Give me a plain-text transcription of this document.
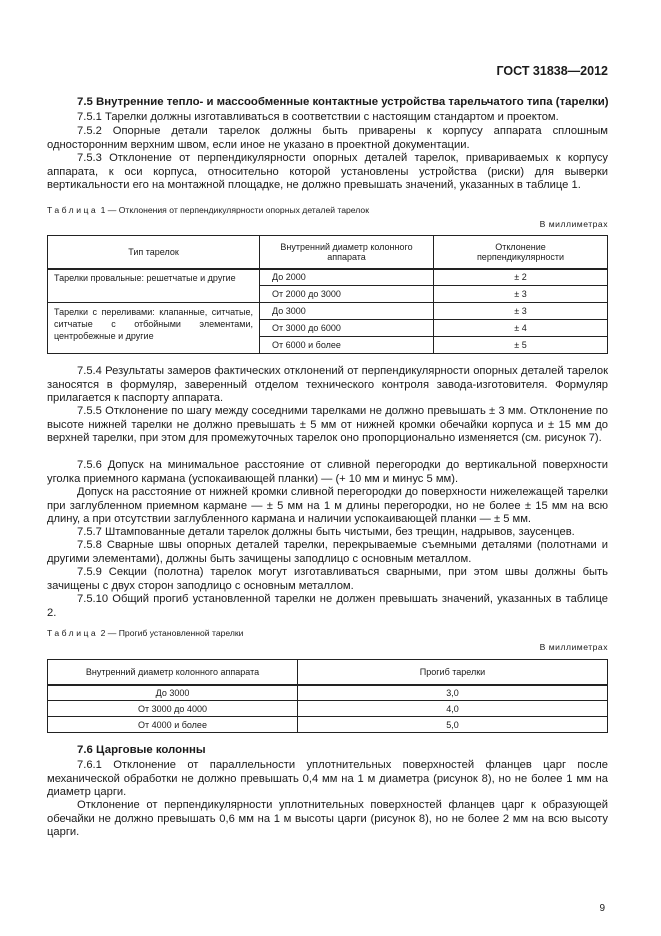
ГОСТ 31838—2012
7.5 Внутренние тепло- и массообменные контактные устройства тарельчатого типа (тарелки)
7.5.1 Тарелки должны изготавливаться в соответствии с настоящим стандартом и проектом.
7.5.2 Опорные детали тарелок должны быть приварены к корпусу аппарата сплошным односторонним верхним швом, если иное не указано в проектной документации.
7.5.3 Отклонение от перпендикулярности опорных деталей тарелок, привариваемых к корпусу аппарата, к оси корпуса, относительно которой установлены устройства (риски) для выверки вертикальности его на монтажной площадке, не должно превышать значений, указанных в таблице 1.
Таблица 1 — Отклонения от перпендикулярности опорных деталей тарелок
В миллиметрах
Тип тарелок	Внутренний диаметр колонного аппарата	Отклонение перпендикулярности
Тарелки провальные: решетчатые и другие	До 2000	± 2
	От 2000 до 3000	± 3
Тарелки с переливами: клапанные, ситчатые, ситчатые с отбойными элементами, центробежные и другие	До 3000	± 3
	От 3000 до 6000	± 4
	От 6000 и более	± 5
7.5.4 Результаты замеров фактических отклонений от перпендикулярности опорных деталей тарелок заносятся в формуляр, заверенный отделом технического контроля завода-изготовителя. Формуляр прилагается к паспорту аппарата.
7.5.5 Отклонение по шагу между соседними тарелками не должно превышать ± 3 мм. Отклонение по высоте нижней тарелки не должно превышать ± 5 мм от нижней кромки обечайки корпуса и ± 15 мм до верхней тарелки, при этом для промежуточных тарелок оно пропорционально изменяется (см. рисунок 7).
7.5.6 Допуск на минимальное расстояние от сливной перегородки до вертикальной поверхности уголка приемного кармана (успокаивающей планки) — (+ 10 мм и минус 5 мм).
Допуск на расстояние от нижней кромки сливной перегородки до поверхности нижележащей тарелки при заглубленном приемном кармане — ± 5 мм на 1 м длины перегородки, но не более ± 15 мм на всю длину, а при отсутствии заглубленного кармана и наличии успокаивающей планки — ± 5 мм.
7.5.7 Штампованные детали тарелок должны быть чистыми, без трещин, надрывов, заусенцев.
7.5.8 Сварные швы опорных деталей тарелки, перекрываемые съемными деталями (полотнами и другими элементами), должны быть зачищены заподлицо с основным металлом.
7.5.9 Секции (полотна) тарелок могут изготавливаться сварными, при этом швы должны быть зачищены с двух сторон заподлицо с основным металлом.
7.5.10 Общий прогиб установленной тарелки не должен превышать значений, указанных в таблице 2.
Таблица 2 — Прогиб установленной тарелки
В миллиметрах
Внутренний диаметр колонного аппарата	Прогиб тарелки
До 3000	3,0
От 3000 до 4000	4,0
От 4000 и более	5,0
7.6 Царговые колонны
7.6.1 Отклонение от параллельности уплотнительных поверхностей фланцев царг после механической обработки не должно превышать 0,4 мм на 1 м диаметра (рисунок 8), но не более 1 мм на диаметр царги.
Отклонение от перпендикулярности уплотнительных поверхностей фланцев царг к образующей обечайки не должно превышать 0,6 мм на 1 м высоты царги (рисунок 8), но не более 2 мм на всю высоту царги.
9
